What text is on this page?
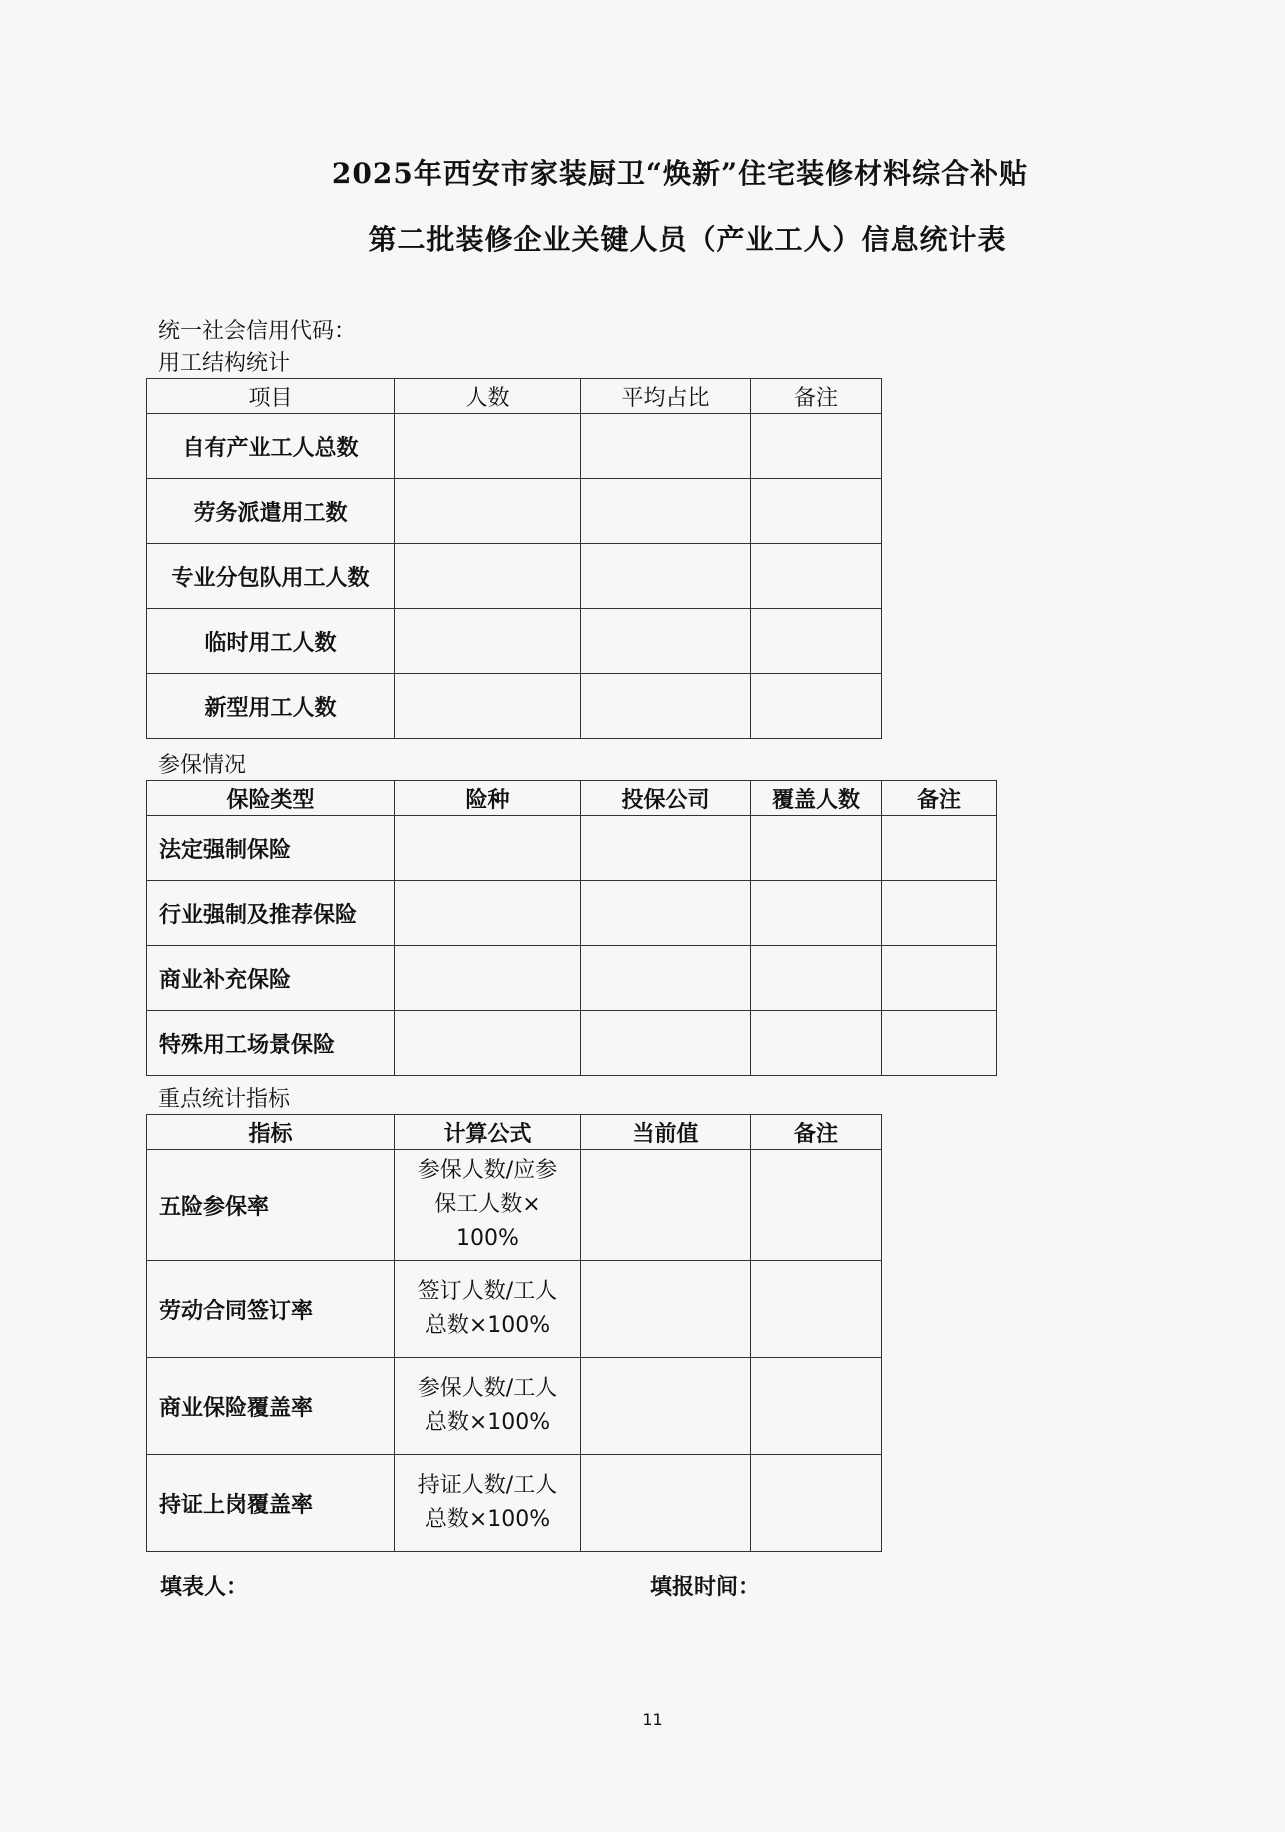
2025年西安市家装厨卫“焕新”住宅装修材料综合补贴
第二批装修企业关键人员（产业工人）信息统计表
统一社会信用代码：
用工结构统计
项目	人数	平均占比	备注
自有产业工人总数			
劳务派遣用工数			
专业分包队用工人数			
临时用工人数			
新型用工人数			
参保情况
保险类型	险种	投保公司	覆盖人数	备注
法定强制保险				
行业强制及推荐保险				
商业补充保险				
特殊用工场景保险				
重点统计指标
指标	计算公式	当前值	备注
五险参保率	参保人数/应参
保工人数×
100%		

劳动合同签订率	签订人数/工人
总数×100%		

商业保险覆盖率	参保人数/工人
总数×100%		

持证上岗覆盖率	持证人数/工人
总数×100%		

填表人：	填报时间：
11
